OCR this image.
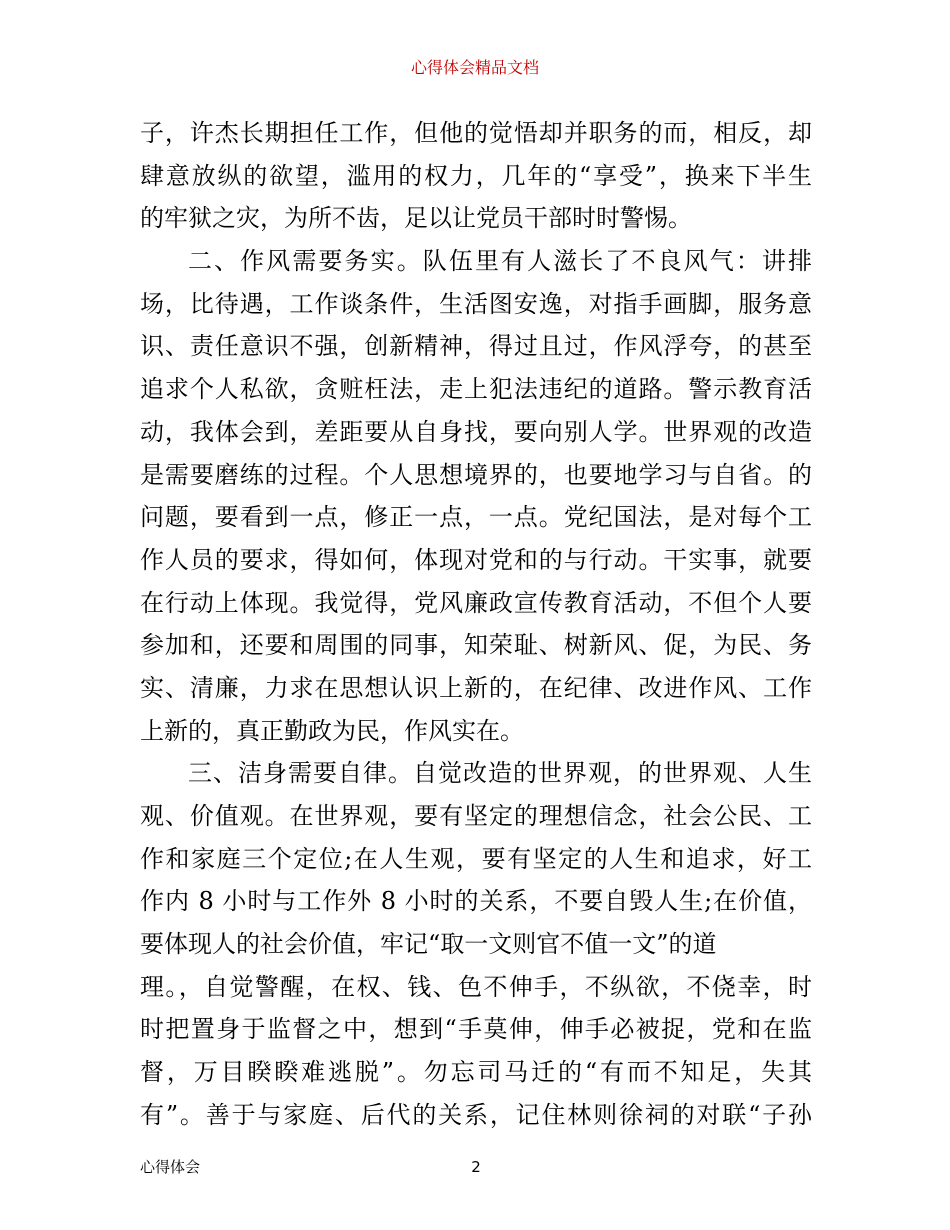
心得体会精品文档
子，许杰长期担任工作，但他的觉悟却并职务的而，相反，却
肆意放纵的欲望，滥用的权力，几年的“享受”，换来下半生
的牢狱之灾，为所不齿，足以让党员干部时时警惕。
二、作风需要务实。队伍里有人滋长了不良风气：讲排
场，比待遇，工作谈条件，生活图安逸，对指手画脚，服务意
识、责任意识不强，创新精神，得过且过，作风浮夸，的甚至
追求个人私欲，贪赃枉法，走上犯法违纪的道路。警示教育活
动，我体会到，差距要从自身找，要向别人学。世界观的改造
是需要磨练的过程。个人思想境界的，也要地学习与自省。的
问题，要看到一点，修正一点，一点。党纪国法，是对每个工
作人员的要求，得如何，体现对党和的与行动。干实事，就要
在行动上体现。我觉得，党风廉政宣传教育活动，不但个人要
参加和，还要和周围的同事，知荣耻、树新风、促，为民、务
实、清廉，力求在思想认识上新的，在纪律、改进作风、工作
上新的，真正勤政为民，作风实在。
三、洁身需要自律。自觉改造的世界观，的世界观、人生
观、价值观。在世界观，要有坚定的理想信念，社会公民、工
作和家庭三个定位;在人生观，要有坚定的人生和追求，好工
作内 8 小时与工作外 8 小时的关系，不要自毁人生;在价值，
要体现人的社会价值，牢记“取一文则官不值一文”的道
理。，自觉警醒，在权、钱、色不伸手，不纵欲，不侥幸，时
时把置身于监督之中，想到“手莫伸，伸手必被捉，党和在监
督，万目睽睽难逃脱”。勿忘司马迁的“有而不知足，失其
有”。善于与家庭、后代的关系，记住林则徐祠的对联“子孙
心得体会	2
